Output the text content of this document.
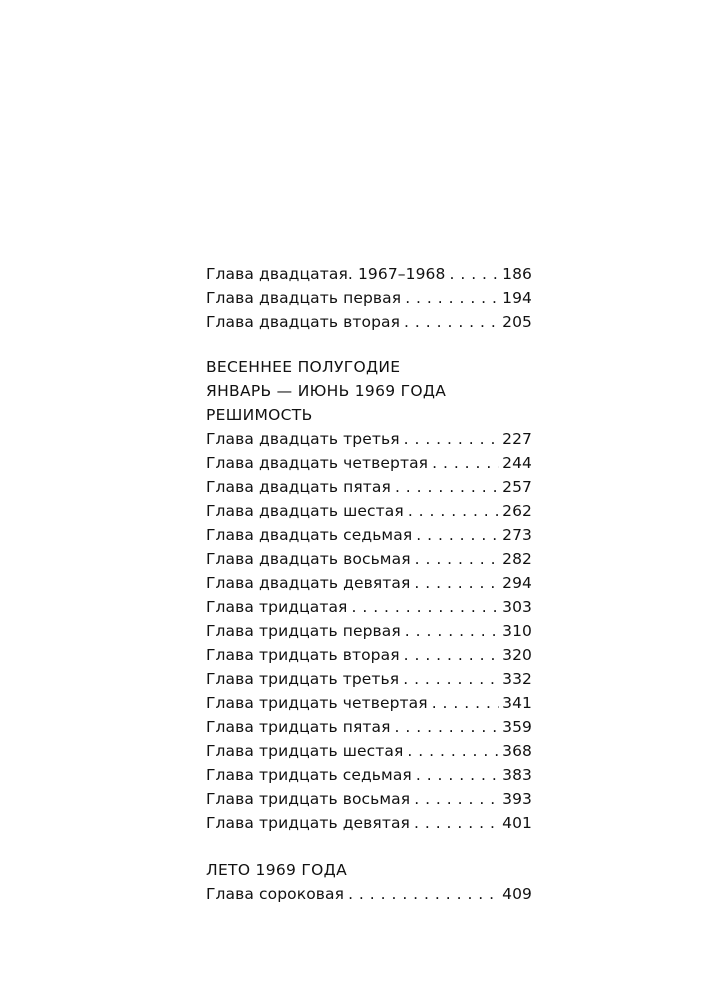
Глава двадцатая. 1967–1968 . . .	186
Глава двадцать первая . . .	194
Глава двадцать вторая . . .	205
ВЕСЕННЕЕ ПОЛУГОДИЕ
ЯНВАРЬ — ИЮНЬ 1969 ГОДА
РЕШИМОСТЬ
Глава двадцать третья . . .	227
Глава двадцать четвертая . . .	244
Глава двадцать пятая . . .	257
Глава двадцать шестая . . .	262
Глава двадцать седьмая . . .	273
Глава двадцать восьмая . . .	282
Глава двадцать девятая . . .	294
Глава тридцатая . . .	303
Глава тридцать первая . . .	310
Глава тридцать вторая . . .	320
Глава тридцать третья . . .	332
Глава тридцать четвертая . . .	341
Глава тридцать пятая . . .	359
Глава тридцать шестая . . .	368
Глава тридцать седьмая . . .	383
Глава тридцать восьмая . . .	393
Глава тридцать девятая . . .	401
ЛЕТО 1969 ГОДА
Глава сороковая . . .	409
